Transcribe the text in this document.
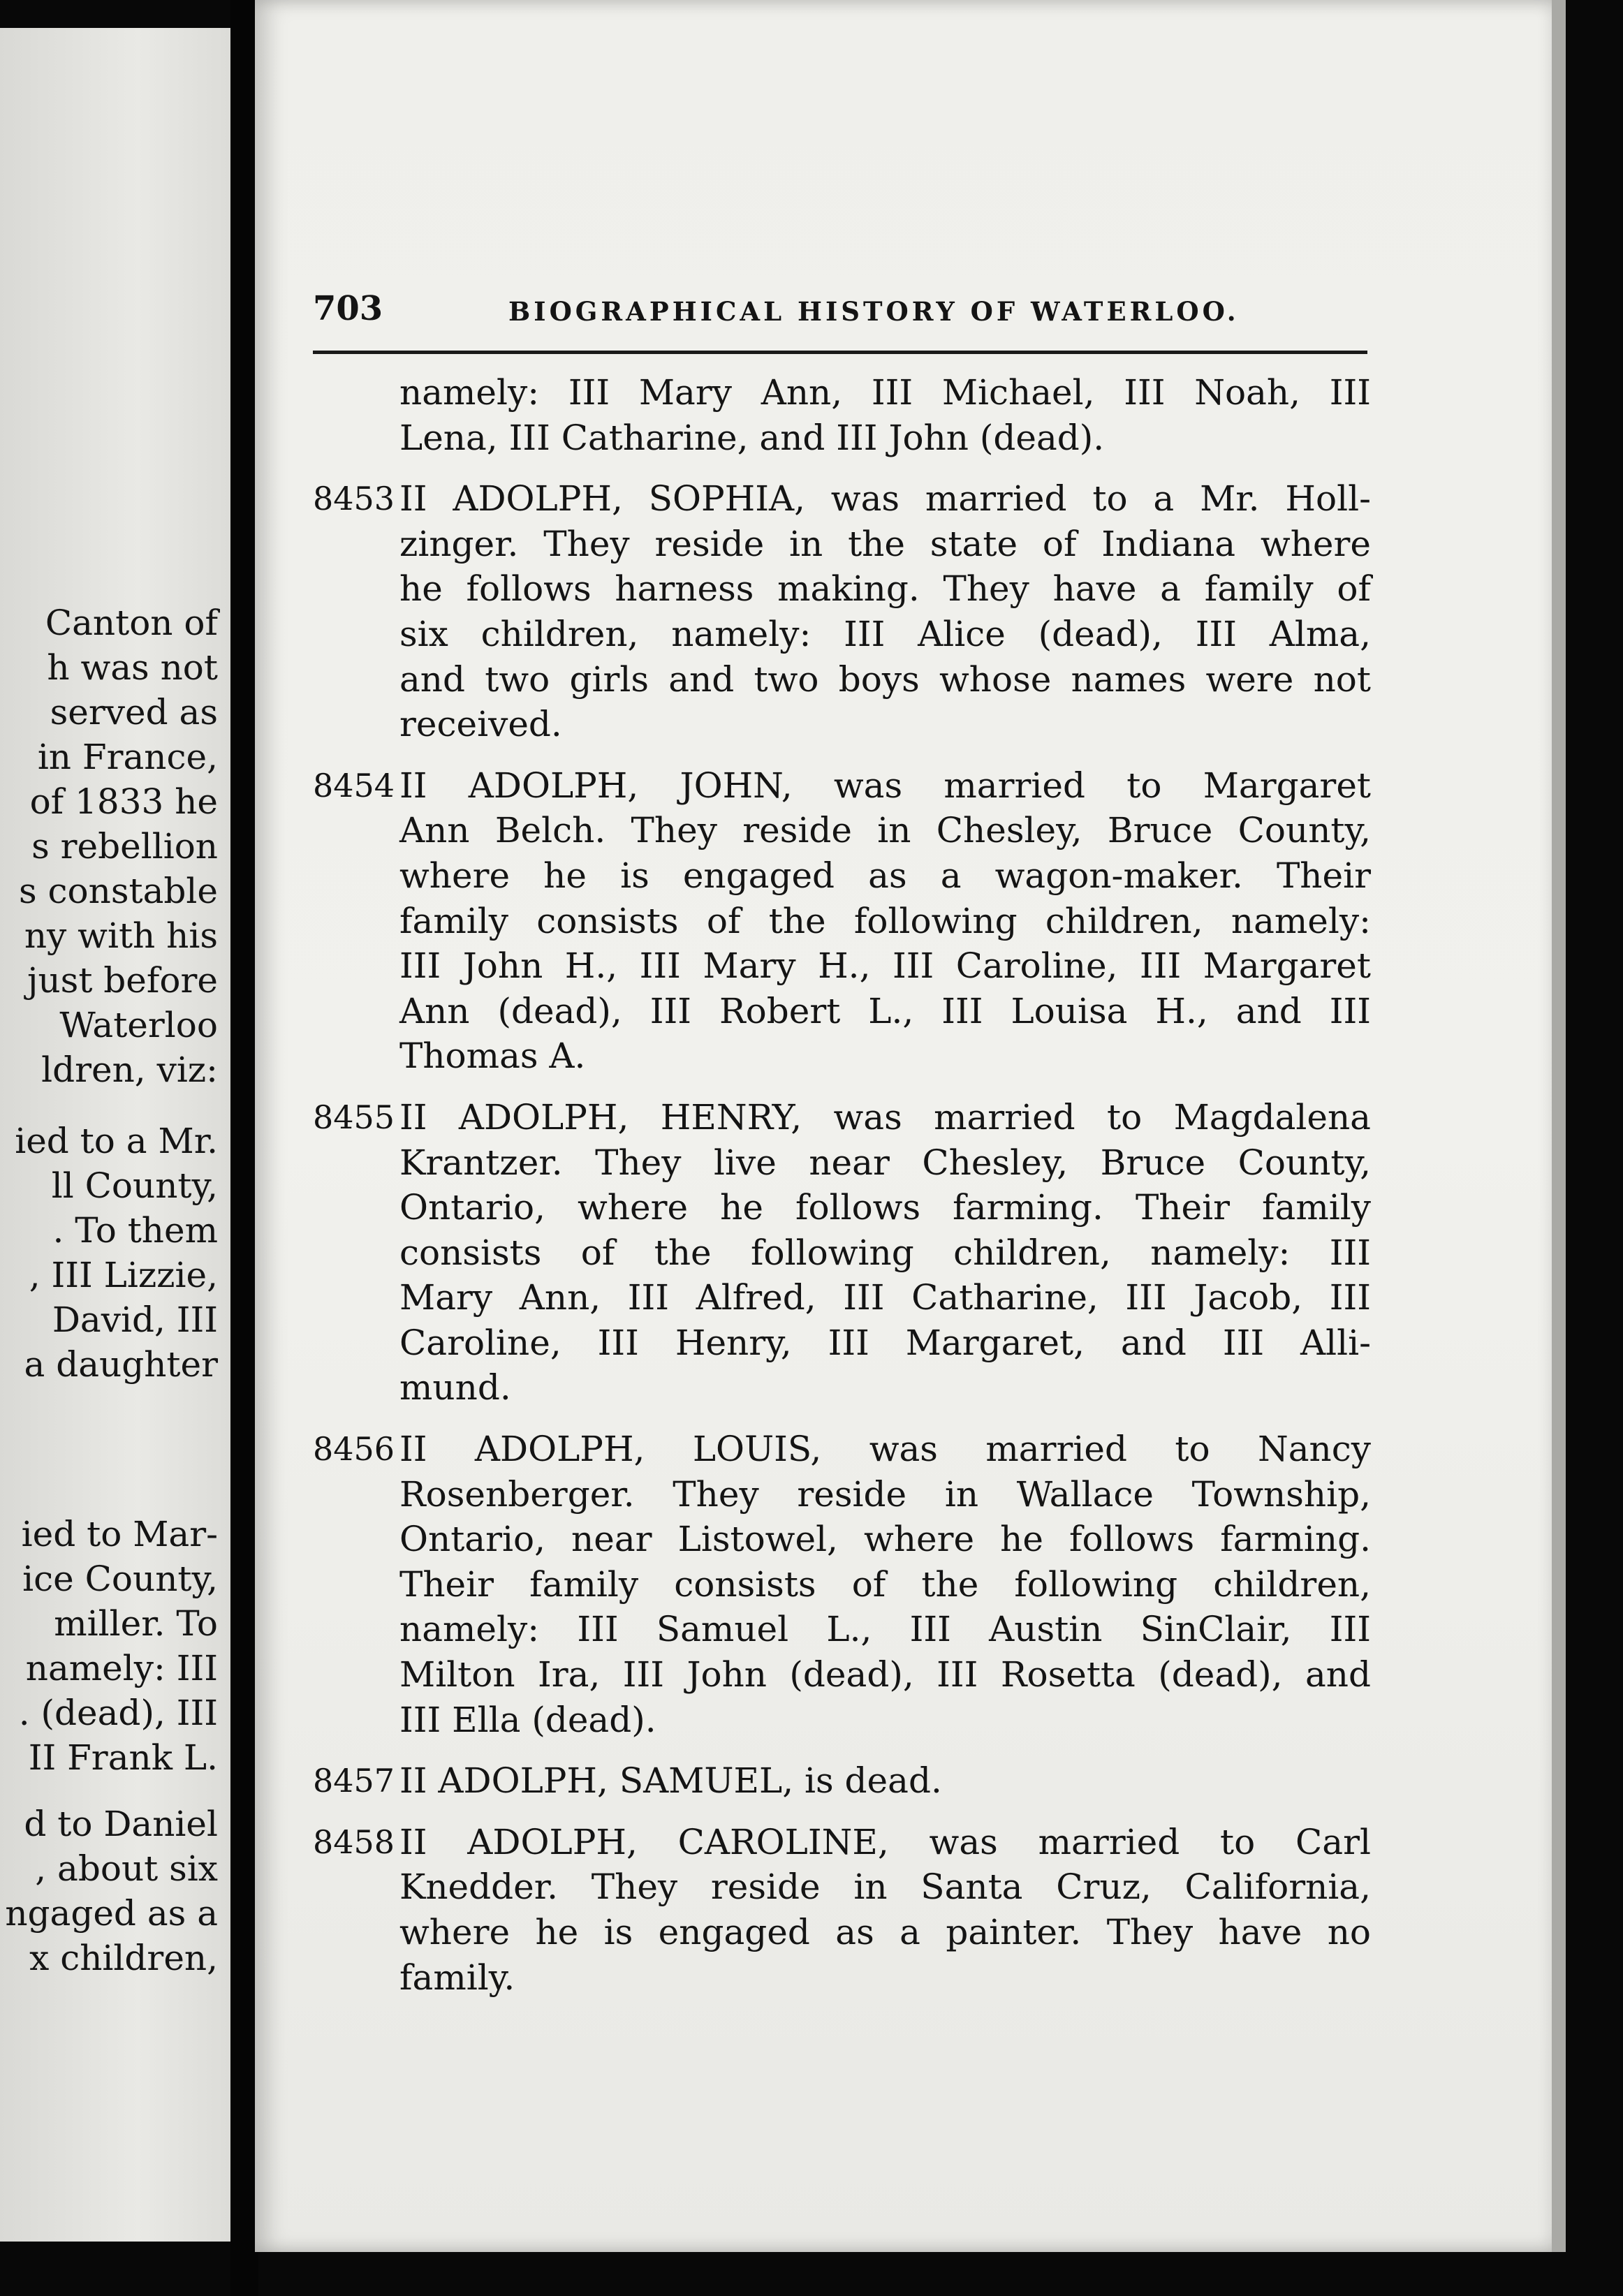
Canton of

h was not

served as

in France,

of 1833 he

s rebellion

s constable

ny with his

just before

Waterloo

ldren, viz:

ied to a Mr.

ll County,

. To them

, III Lizzie,

David, III

a daughter

ied to Mar-

ice County,

miller. To

namely: III

. (dead), III

II Frank L.

d to Daniel

, about six

ngaged as a

x children,

703	BIOGRAPHICAL HISTORY OF WATERLOO.

namely: III Mary Ann, III Michael, III Noah, III
Lena, III Catharine, and III John (dead).
8453 II ADOLPH, SOPHIA, was married to a Mr. Holl-
zinger. They reside in the state of Indiana where
he follows harness making. They have a family of
six children, namely: III Alice (dead), III Alma,
and two girls and two boys whose names were not
received.
8454 II ADOLPH, JOHN, was married to Margaret
Ann Belch. They reside in Chesley, Bruce County,
where he is engaged as a wagon-maker. Their
family consists of the following children, namely:
III John H., III Mary H., III Caroline, III Margaret
Ann (dead), III Robert L., III Louisa H., and III
Thomas A.
8455 II ADOLPH, HENRY, was married to Magdalena
Krantzer. They live near Chesley, Bruce County,
Ontario, where he follows farming. Their family
consists of the following children, namely: III
Mary Ann, III Alfred, III Catharine, III Jacob, III
Caroline, III Henry, III Margaret, and III Alli-
mund.
8456 II ADOLPH, LOUIS, was married to Nancy
Rosenberger. They reside in Wallace Township,
Ontario, near Listowel, where he follows farming.
Their family consists of the following children,
namely: III Samuel L., III Austin SinClair, III
Milton Ira, III John (dead), III Rosetta (dead), and
III Ella (dead).
8457 II ADOLPH, SAMUEL, is dead.
8458 II ADOLPH, CAROLINE, was married to Carl
Knedder. They reside in Santa Cruz, California,
where he is engaged as a painter. They have no
family.
